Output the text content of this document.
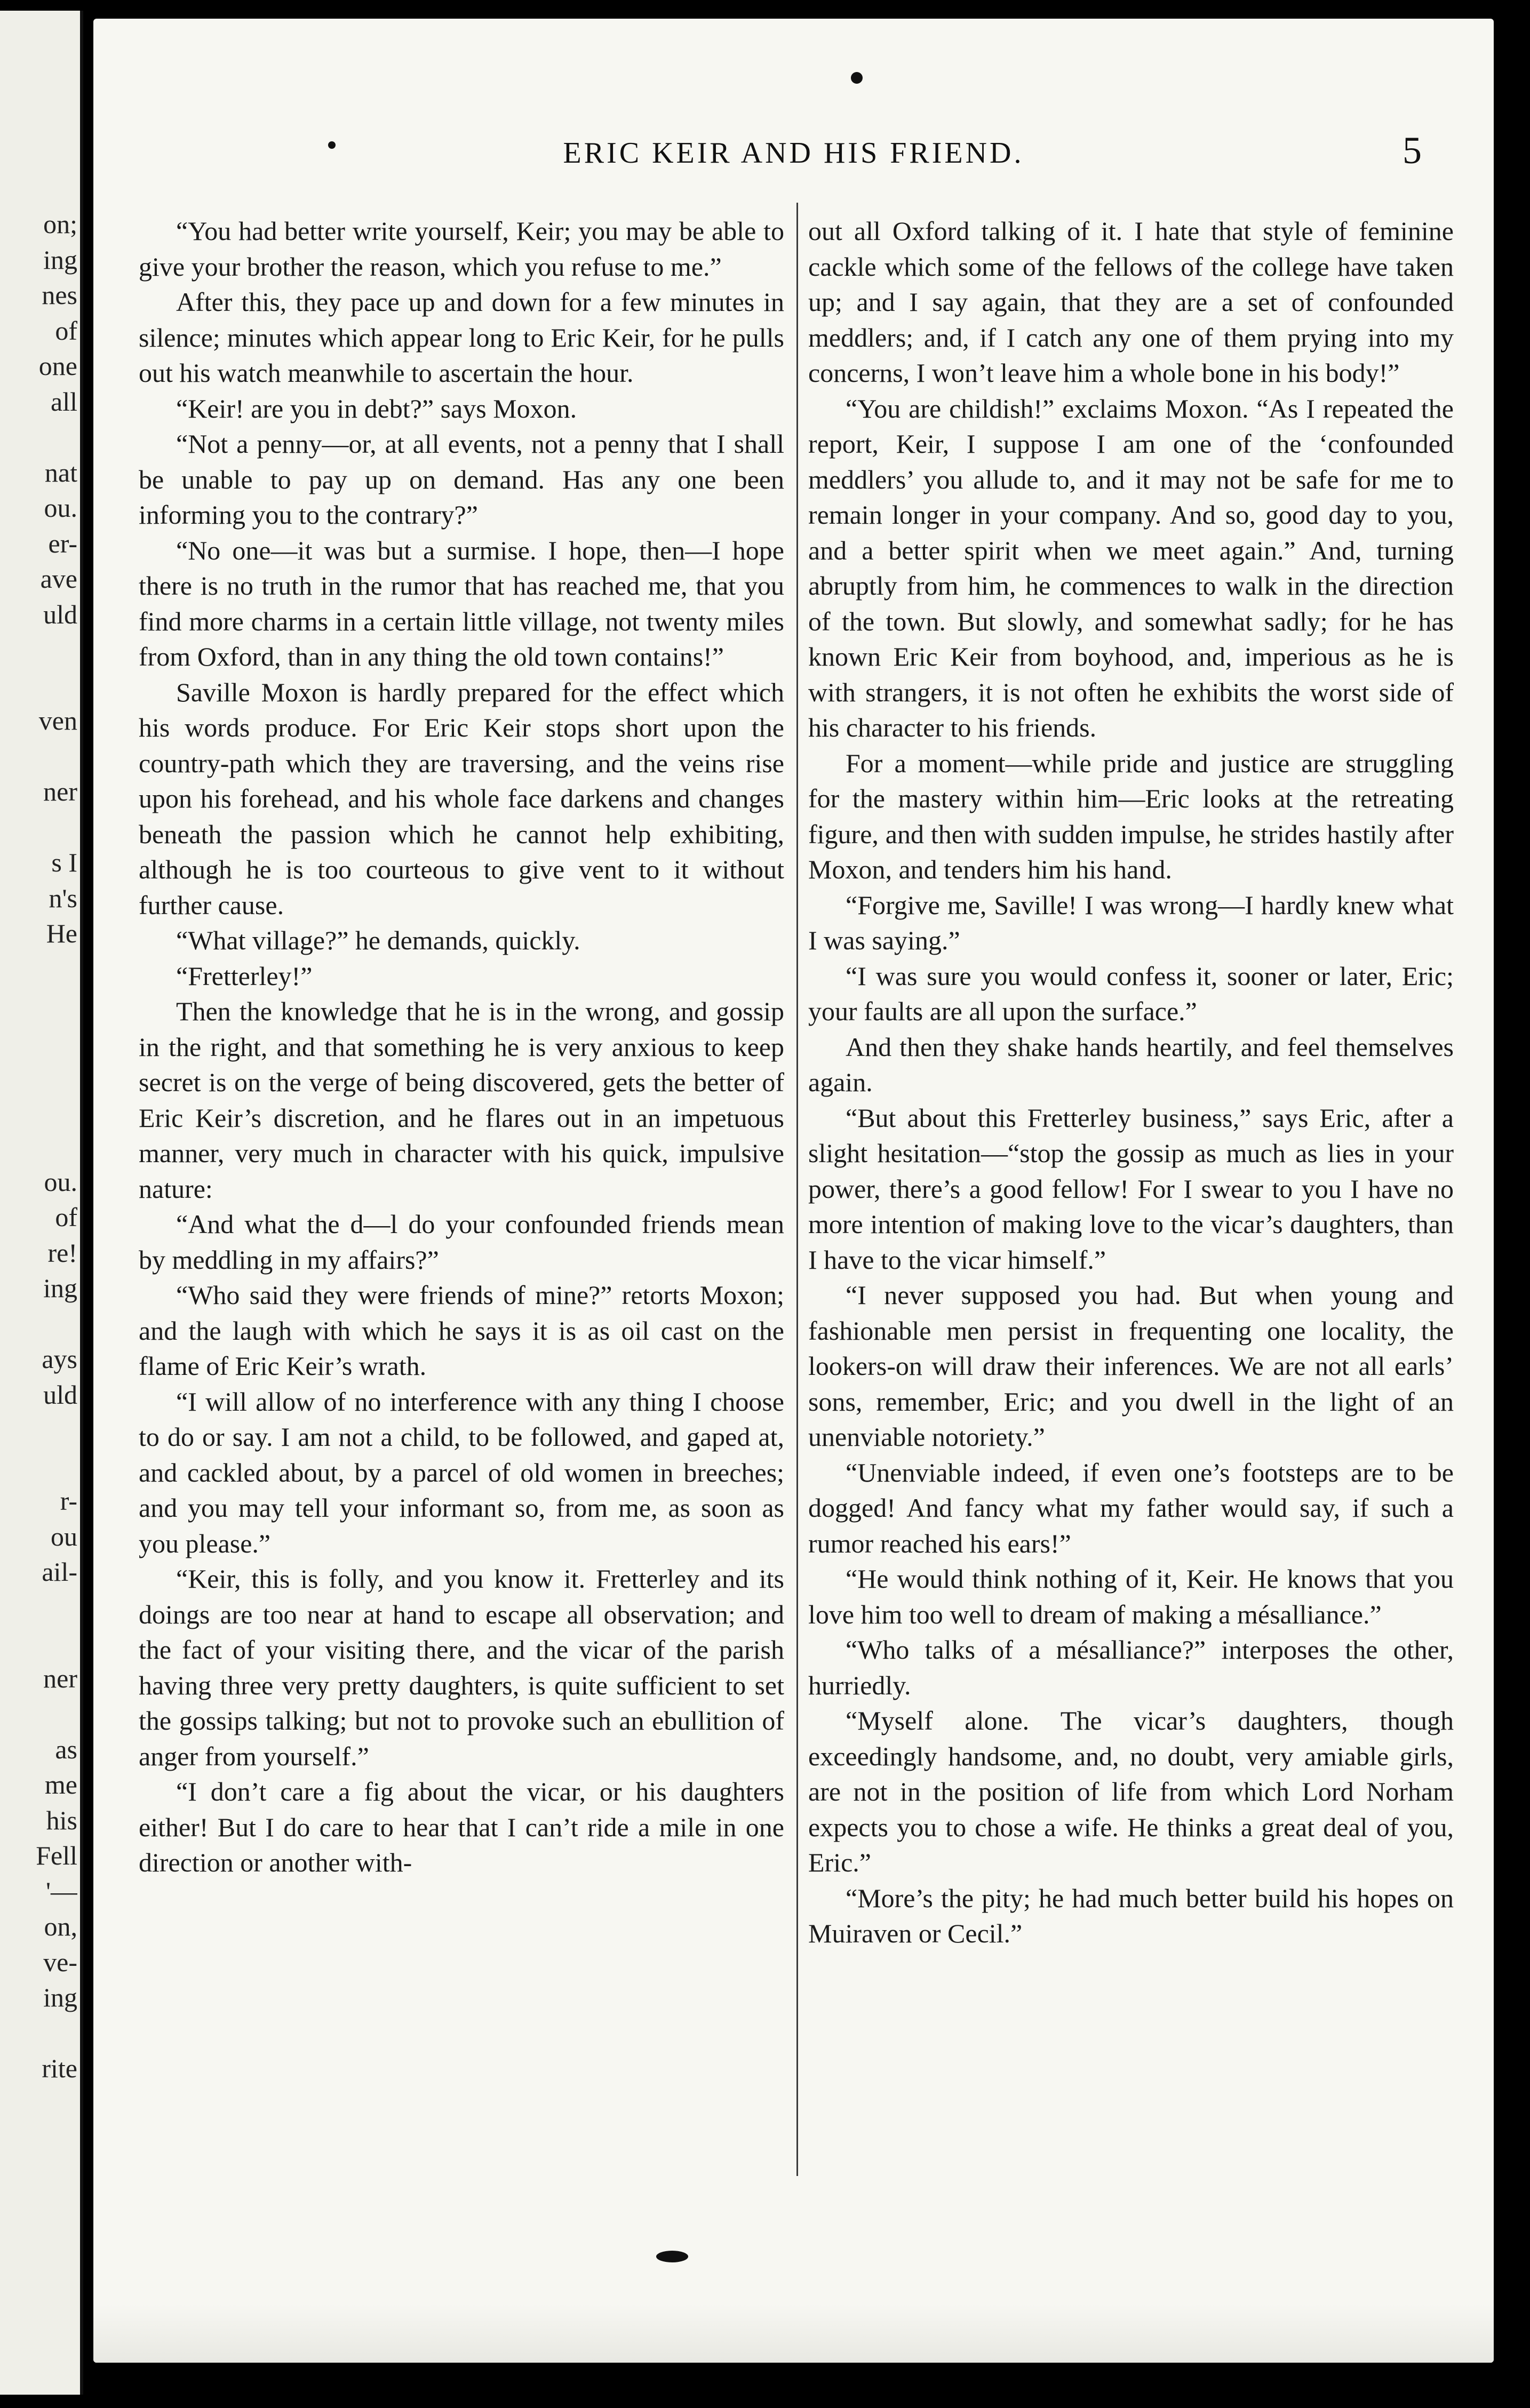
on;
ing
nes
of
one
all
nat
ou.
er-
ave
uld
ven
ner
s I
n's
He
ou.
of
re!
ing
ays
uld
r-
ou
ail-
ner
as
me
his
Fell
'—
on,
ve-
ing
rite
ERIC KEIR AND HIS FRIEND.	5

“You had better write yourself, Keir; you may be able to give your brother the reason, which you refuse to me.”

After this, they pace up and down for a few minutes in silence; minutes which appear long to Eric Keir, for he pulls out his watch meanwhile to ascertain the hour.

“Keir! are you in debt?” says Moxon.

“Not a penny—or, at all events, not a penny that I shall be unable to pay up on demand. Has any one been informing you to the contrary?”

“No one—it was but a surmise. I hope, then—I hope there is no truth in the rumor that has reached me, that you find more charms in a certain little village, not twenty miles from Oxford, than in any thing the old town contains!”

Saville Moxon is hardly prepared for the effect which his words produce. For Eric Keir stops short upon the country-path which they are traversing, and the veins rise upon his forehead, and his whole face darkens and changes beneath the passion which he cannot help exhibiting, although he is too courteous to give vent to it without further cause.

“What village?” he demands, quickly.

“Fretterley!”

Then the knowledge that he is in the wrong, and gossip in the right, and that something he is very anxious to keep secret is on the verge of being discovered, gets the better of Eric Keir’s discretion, and he flares out in an impetuous manner, very much in character with his quick, impulsive nature:

“And what the d—l do your confounded friends mean by meddling in my affairs?”

“Who said they were friends of mine?” retorts Moxon; and the laugh with which he says it is as oil cast on the flame of Eric Keir’s wrath.

“I will allow of no interference with any thing I choose to do or say. I am not a child, to be followed, and gaped at, and cackled about, by a parcel of old women in breeches; and you may tell your informant so, from me, as soon as you please.”

“Keir, this is folly, and you know it. Fretterley and its doings are too near at hand to escape all observation; and the fact of your visiting there, and the vicar of the parish having three very pretty daughters, is quite sufficient to set the gossips talking; but not to provoke such an ebullition of anger from yourself.”

“I don’t care a fig about the vicar, or his daughters either! But I do care to hear that I can’t ride a mile in one direction or another with-

out all Oxford talking of it. I hate that style of feminine cackle which some of the fellows of the college have taken up; and I say again, that they are a set of confounded meddlers; and, if I catch any one of them prying into my concerns, I won’t leave him a whole bone in his body!”

“You are childish!” exclaims Moxon. “As I repeated the report, Keir, I suppose I am one of the ‘confounded meddlers’ you allude to, and it may not be safe for me to remain longer in your company. And so, good day to you, and a better spirit when we meet again.” And, turning abruptly from him, he commences to walk in the direction of the town. But slowly, and somewhat sadly; for he has known Eric Keir from boyhood, and, imperious as he is with strangers, it is not often he exhibits the worst side of his character to his friends.

For a moment—while pride and justice are struggling for the mastery within him—Eric looks at the retreating figure, and then with sudden impulse, he strides hastily after Moxon, and tenders him his hand.

“Forgive me, Saville! I was wrong—I hardly knew what I was saying.”

“I was sure you would confess it, sooner or later, Eric; your faults are all upon the surface.”

And then they shake hands heartily, and feel themselves again.

“But about this Fretterley business,” says Eric, after a slight hesitation—“stop the gossip as much as lies in your power, there’s a good fellow! For I swear to you I have no more intention of making love to the vicar’s daughters, than I have to the vicar himself.”

“I never supposed you had. But when young and fashionable men persist in frequenting one locality, the lookers-on will draw their inferences. We are not all earls’ sons, remember, Eric; and you dwell in the light of an unenviable notoriety.”

“Unenviable indeed, if even one’s footsteps are to be dogged! And fancy what my father would say, if such a rumor reached his ears!”

“He would think nothing of it, Keir. He knows that you love him too well to dream of making a mésalliance.”

“Who talks of a mésalliance?” interposes the other, hurriedly.

“Myself alone. The vicar’s daughters, though exceedingly handsome, and, no doubt, very amiable girls, are not in the position of life from which Lord Norham expects you to chose a wife. He thinks a great deal of you, Eric.”

“More’s the pity; he had much better build his hopes on Muiraven or Cecil.”
